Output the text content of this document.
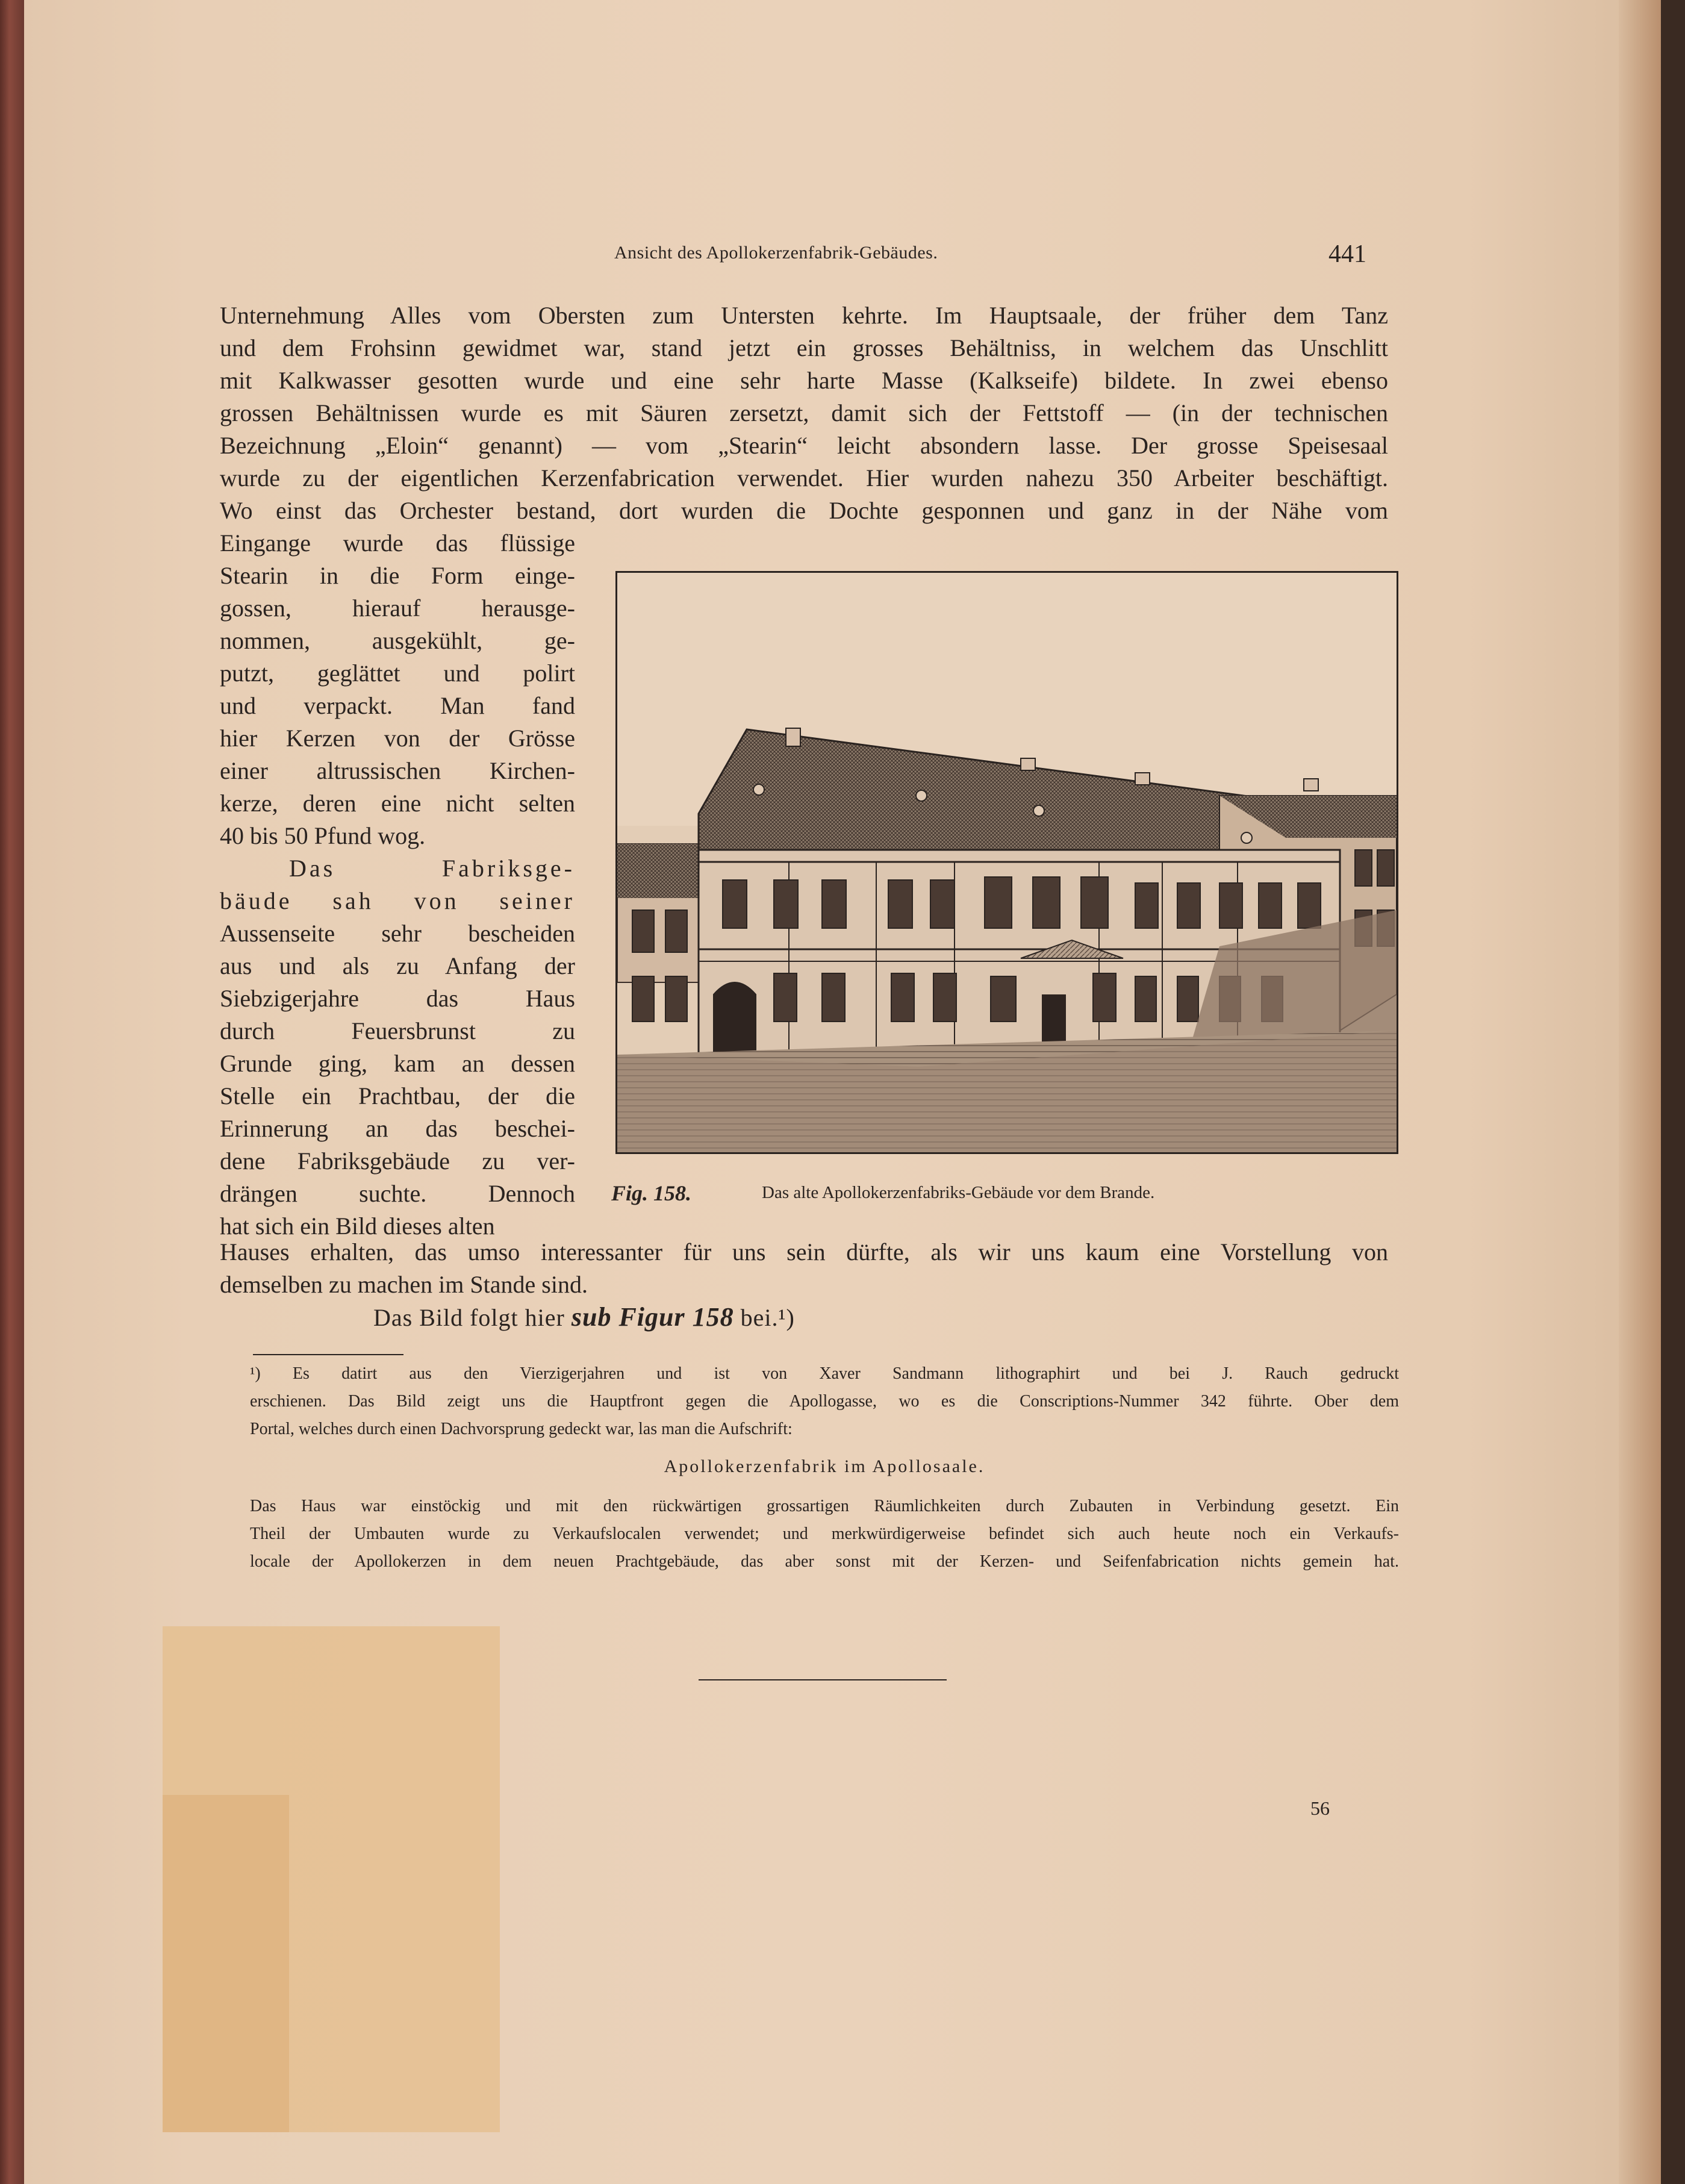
Ansicht des Apollokerzenfabrik-Gebäudes.	441
Unternehmung Alles vom Obersten zum Untersten kehrte. Im Hauptsaale, der früher dem Tanz
und dem Frohsinn gewidmet war, stand jetzt ein grosses Behältniss, in welchem das Unschlitt
mit Kalkwasser gesotten wurde und eine sehr harte Masse (Kalkseife) bildete. In zwei ebenso
grossen Behältnissen wurde es mit Säuren zersetzt, damit sich der Fettstoff — (in der technischen
Bezeichnung „Eloin“ genannt) — vom „Stearin“ leicht absondern lasse. Der grosse Speisesaal
wurde zu der eigentlichen Kerzenfabrication verwendet. Hier wurden nahezu 350 Arbeiter beschäftigt.
Wo einst das Orchester bestand, dort wurden die Dochte gesponnen und ganz in der Nähe vom
Eingange wurde das flüssige
Stearin in die Form einge-
gossen, hierauf herausge-
nommen, ausgekühlt, ge-
putzt, geglättet und polirt
und verpackt. Man fand
hier Kerzen von der Grösse
einer altrussischen Kirchen-
kerze, deren eine nicht selten
40 bis 50 Pfund wog.
Das Fabriksge-
bäude sah von seiner
Aussenseite sehr bescheiden
aus und als zu Anfang der
Siebzigerjahre das Haus
durch Feuersbrunst zu
Grunde ging, kam an dessen
Stelle ein Prachtbau, der die
Erinnerung an das beschei-
dene Fabriksgebäude zu ver-
drängen suchte. Dennoch
hat sich ein Bild dieses alten
Fig. 158.	Das alte Apollokerzenfabriks-Gebäude vor dem Brande.
Hauses erhalten, das umso interessanter für uns sein dürfte, als wir uns kaum eine Vorstellung von
demselben zu machen im Stande sind.
Das Bild folgt hier sub Figur 158 bei.¹)
¹) Es datirt aus den Vierzigerjahren und ist von Xaver Sandmann lithographirt und bei J. Rauch gedruckt
erschienen. Das Bild zeigt uns die Hauptfront gegen die Apollogasse, wo es die Conscriptions-Nummer 342 führte. Ober dem
Portal, welches durch einen Dachvorsprung gedeckt war, las man die Aufschrift:
Apollokerzenfabrik im Apollosaale.
Das Haus war einstöckig und mit den rückwärtigen grossartigen Räumlichkeiten durch Zubauten in Verbindung gesetzt. Ein
Theil der Umbauten wurde zu Verkaufslocalen verwendet; und merkwürdigerweise befindet sich auch heute noch ein Verkaufs-
locale der Apollokerzen in dem neuen Prachtgebäude, das aber sonst mit der Kerzen- und Seifenfabrication nichts gemein hat.
56
